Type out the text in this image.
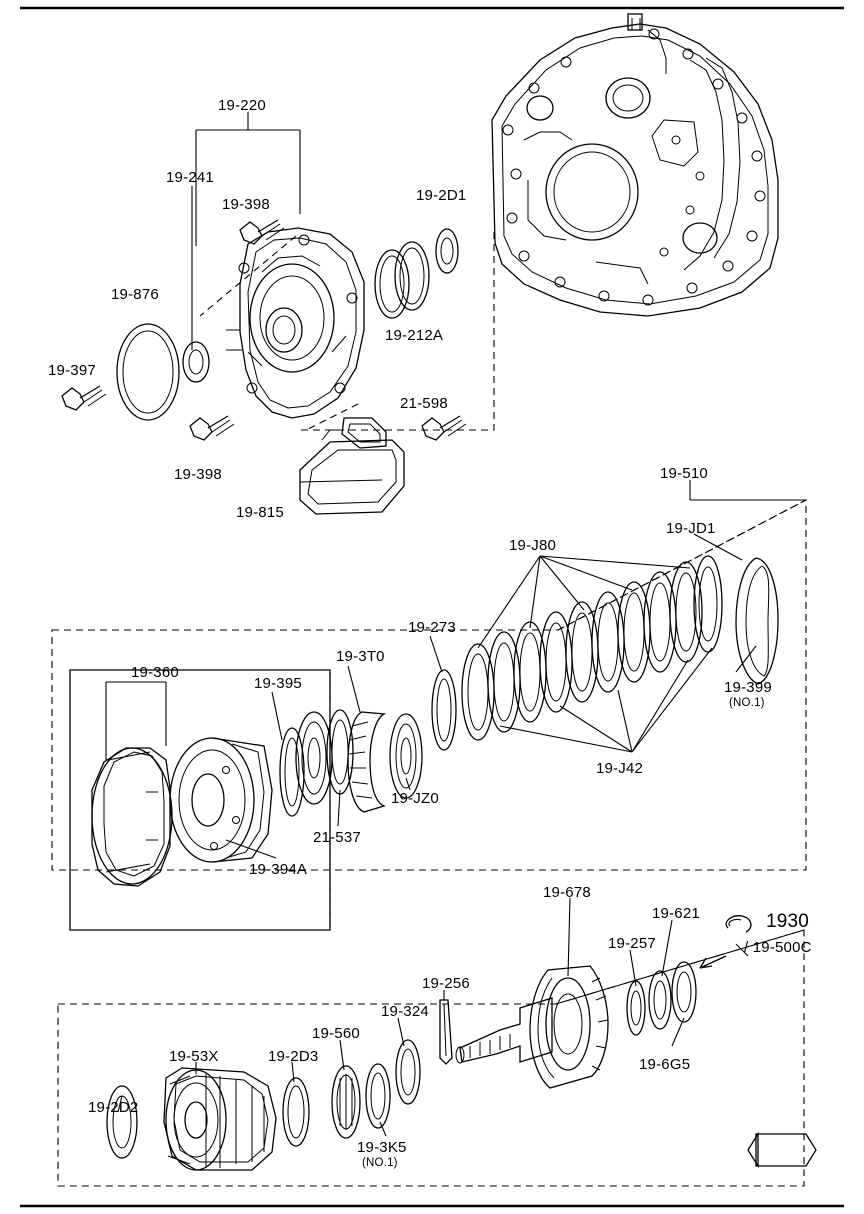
FWD
1930
/ 19-500C
19-220
19-241
19-398
19-2D1
19-876
19-212A
19-397
21-598
19-398
19-815
19-510
19-JD1
19-J80
19-273
19-3T0
19-360
19-395	19-399
(NO.1)
19-J42
19-JZ0
21-537
19-394A
19-678
19-621
19-257
19-256
19-324
19-560
19-6G5
19-53X	19-2D3
19-2D2
19-3K5
(NO.1)
